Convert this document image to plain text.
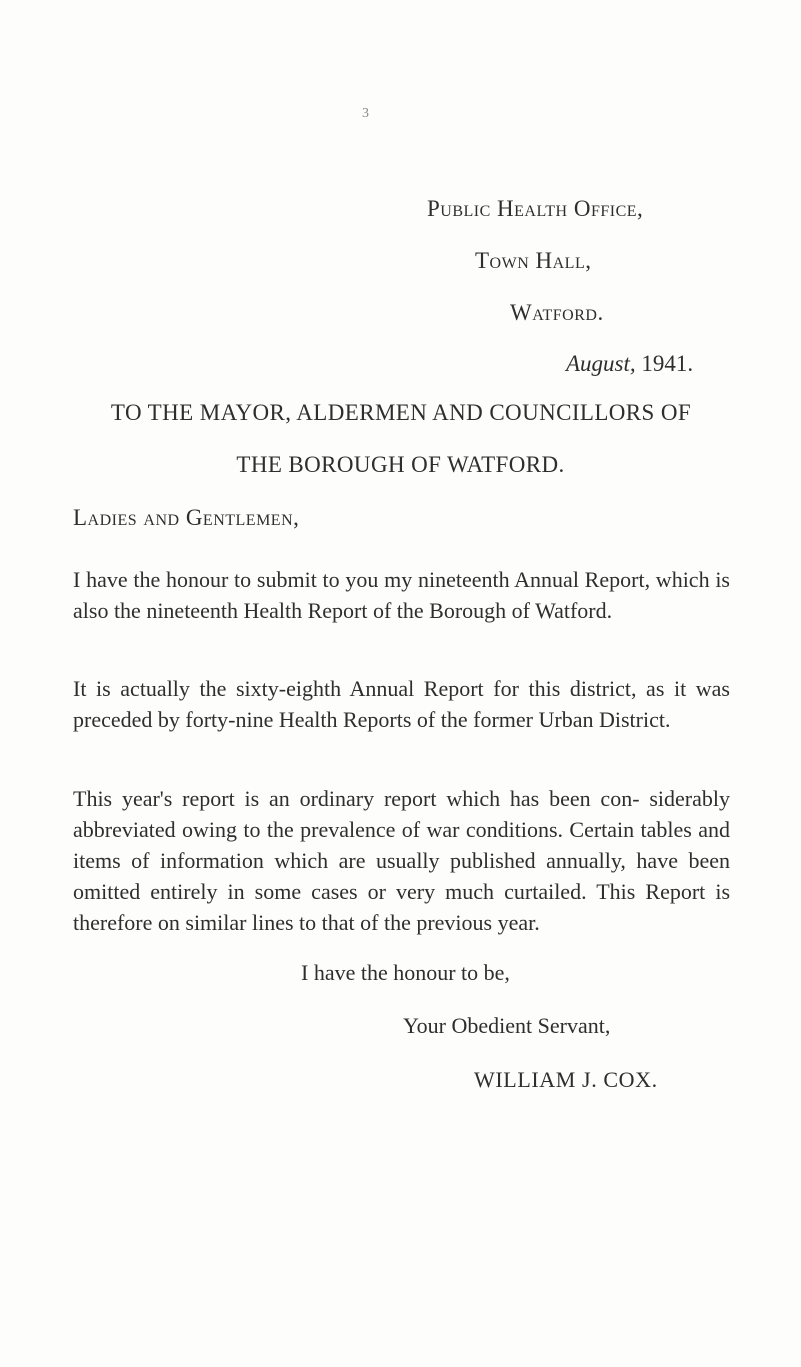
3
Public Health Office,
Town Hall,
Watford.
August, 1941.
TO THE MAYOR, ALDERMEN AND COUNCILLORS OF
THE BOROUGH OF WATFORD.
Ladies and Gentlemen,

I have the honour to submit to you my nineteenth Annual Report, which is also the nineteenth Health Report of the Borough of Watford.

It is actually the sixty-eighth Annual Report for this district, as it was preceded by forty-nine Health Reports of the former Urban District.

This year's report is an ordinary report which has been con- siderably abbreviated owing to the prevalence of war conditions. Certain tables and items of information which are usually published annually, have been omitted entirely in some cases or very much curtailed. This Report is therefore on similar lines to that of the previous year.

I have the honour to be,
Your Obedient Servant,
WILLIAM J. COX.
